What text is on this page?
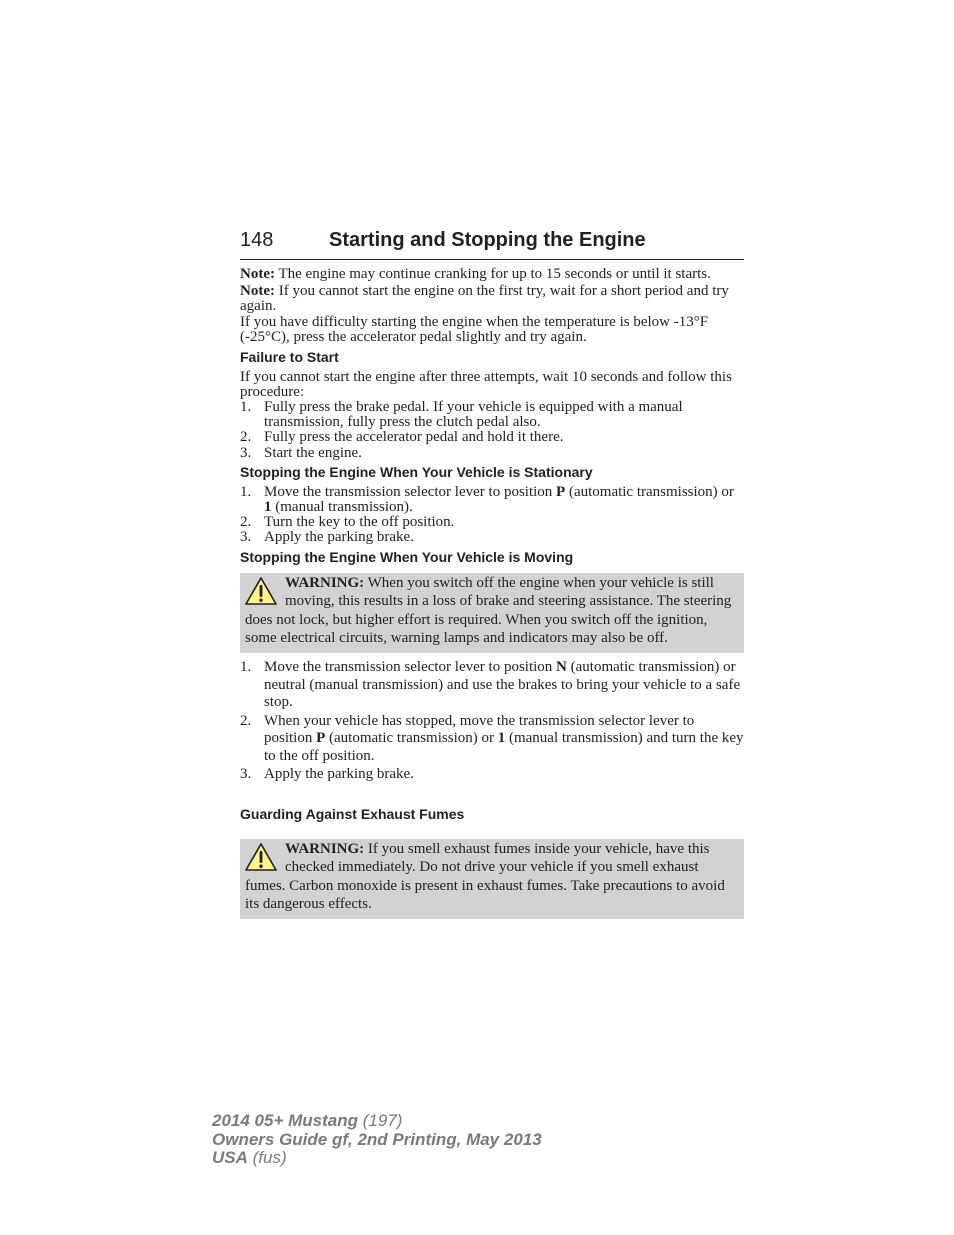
148	Starting and Stopping the Engine

Note: The engine may continue cranking for up to 15 seconds or until it starts.

Note: If you cannot start the engine on the first try, wait for a short period and try again.

If you have difficulty starting the engine when the temperature is below -13°F (-25°C), press the accelerator pedal slightly and try again.

Failure to Start

If you cannot start the engine after three attempts, wait 10 seconds and follow this procedure:

1. Fully press the brake pedal. If your vehicle is equipped with a manual transmission, fully press the clutch pedal also.
2. Fully press the accelerator pedal and hold it there.
3. Start the engine.
Stopping the Engine When Your Vehicle is Stationary
1. Move the transmission selector lever to position P (automatic transmission) or 1 (manual transmission).
2. Turn the key to the off position.
3. Apply the parking brake.
Stopping the Engine When Your Vehicle is Moving
WARNING: When you switch off the engine when your vehicle is still moving, this results in a loss of brake and steering assistance. The steering does not lock, but higher effort is required. When you switch off the ignition, some electrical circuits, warning lamps and indicators may also be off.
1. Move the transmission selector lever to position N (automatic transmission) or neutral (manual transmission) and use the brakes to bring your vehicle to a safe stop.
2. When your vehicle has stopped, move the transmission selector lever to position P (automatic transmission) or 1 (manual transmission) and turn the key to the off position.
3. Apply the parking brake.
Guarding Against Exhaust Fumes
WARNING: If you smell exhaust fumes inside your vehicle, have this checked immediately. Do not drive your vehicle if you smell exhaust fumes. Carbon monoxide is present in exhaust fumes. Take precautions to avoid its dangerous effects.
2014 05+ Mustang (197)
Owners Guide gf, 2nd Printing, May 2013
USA (fus)
